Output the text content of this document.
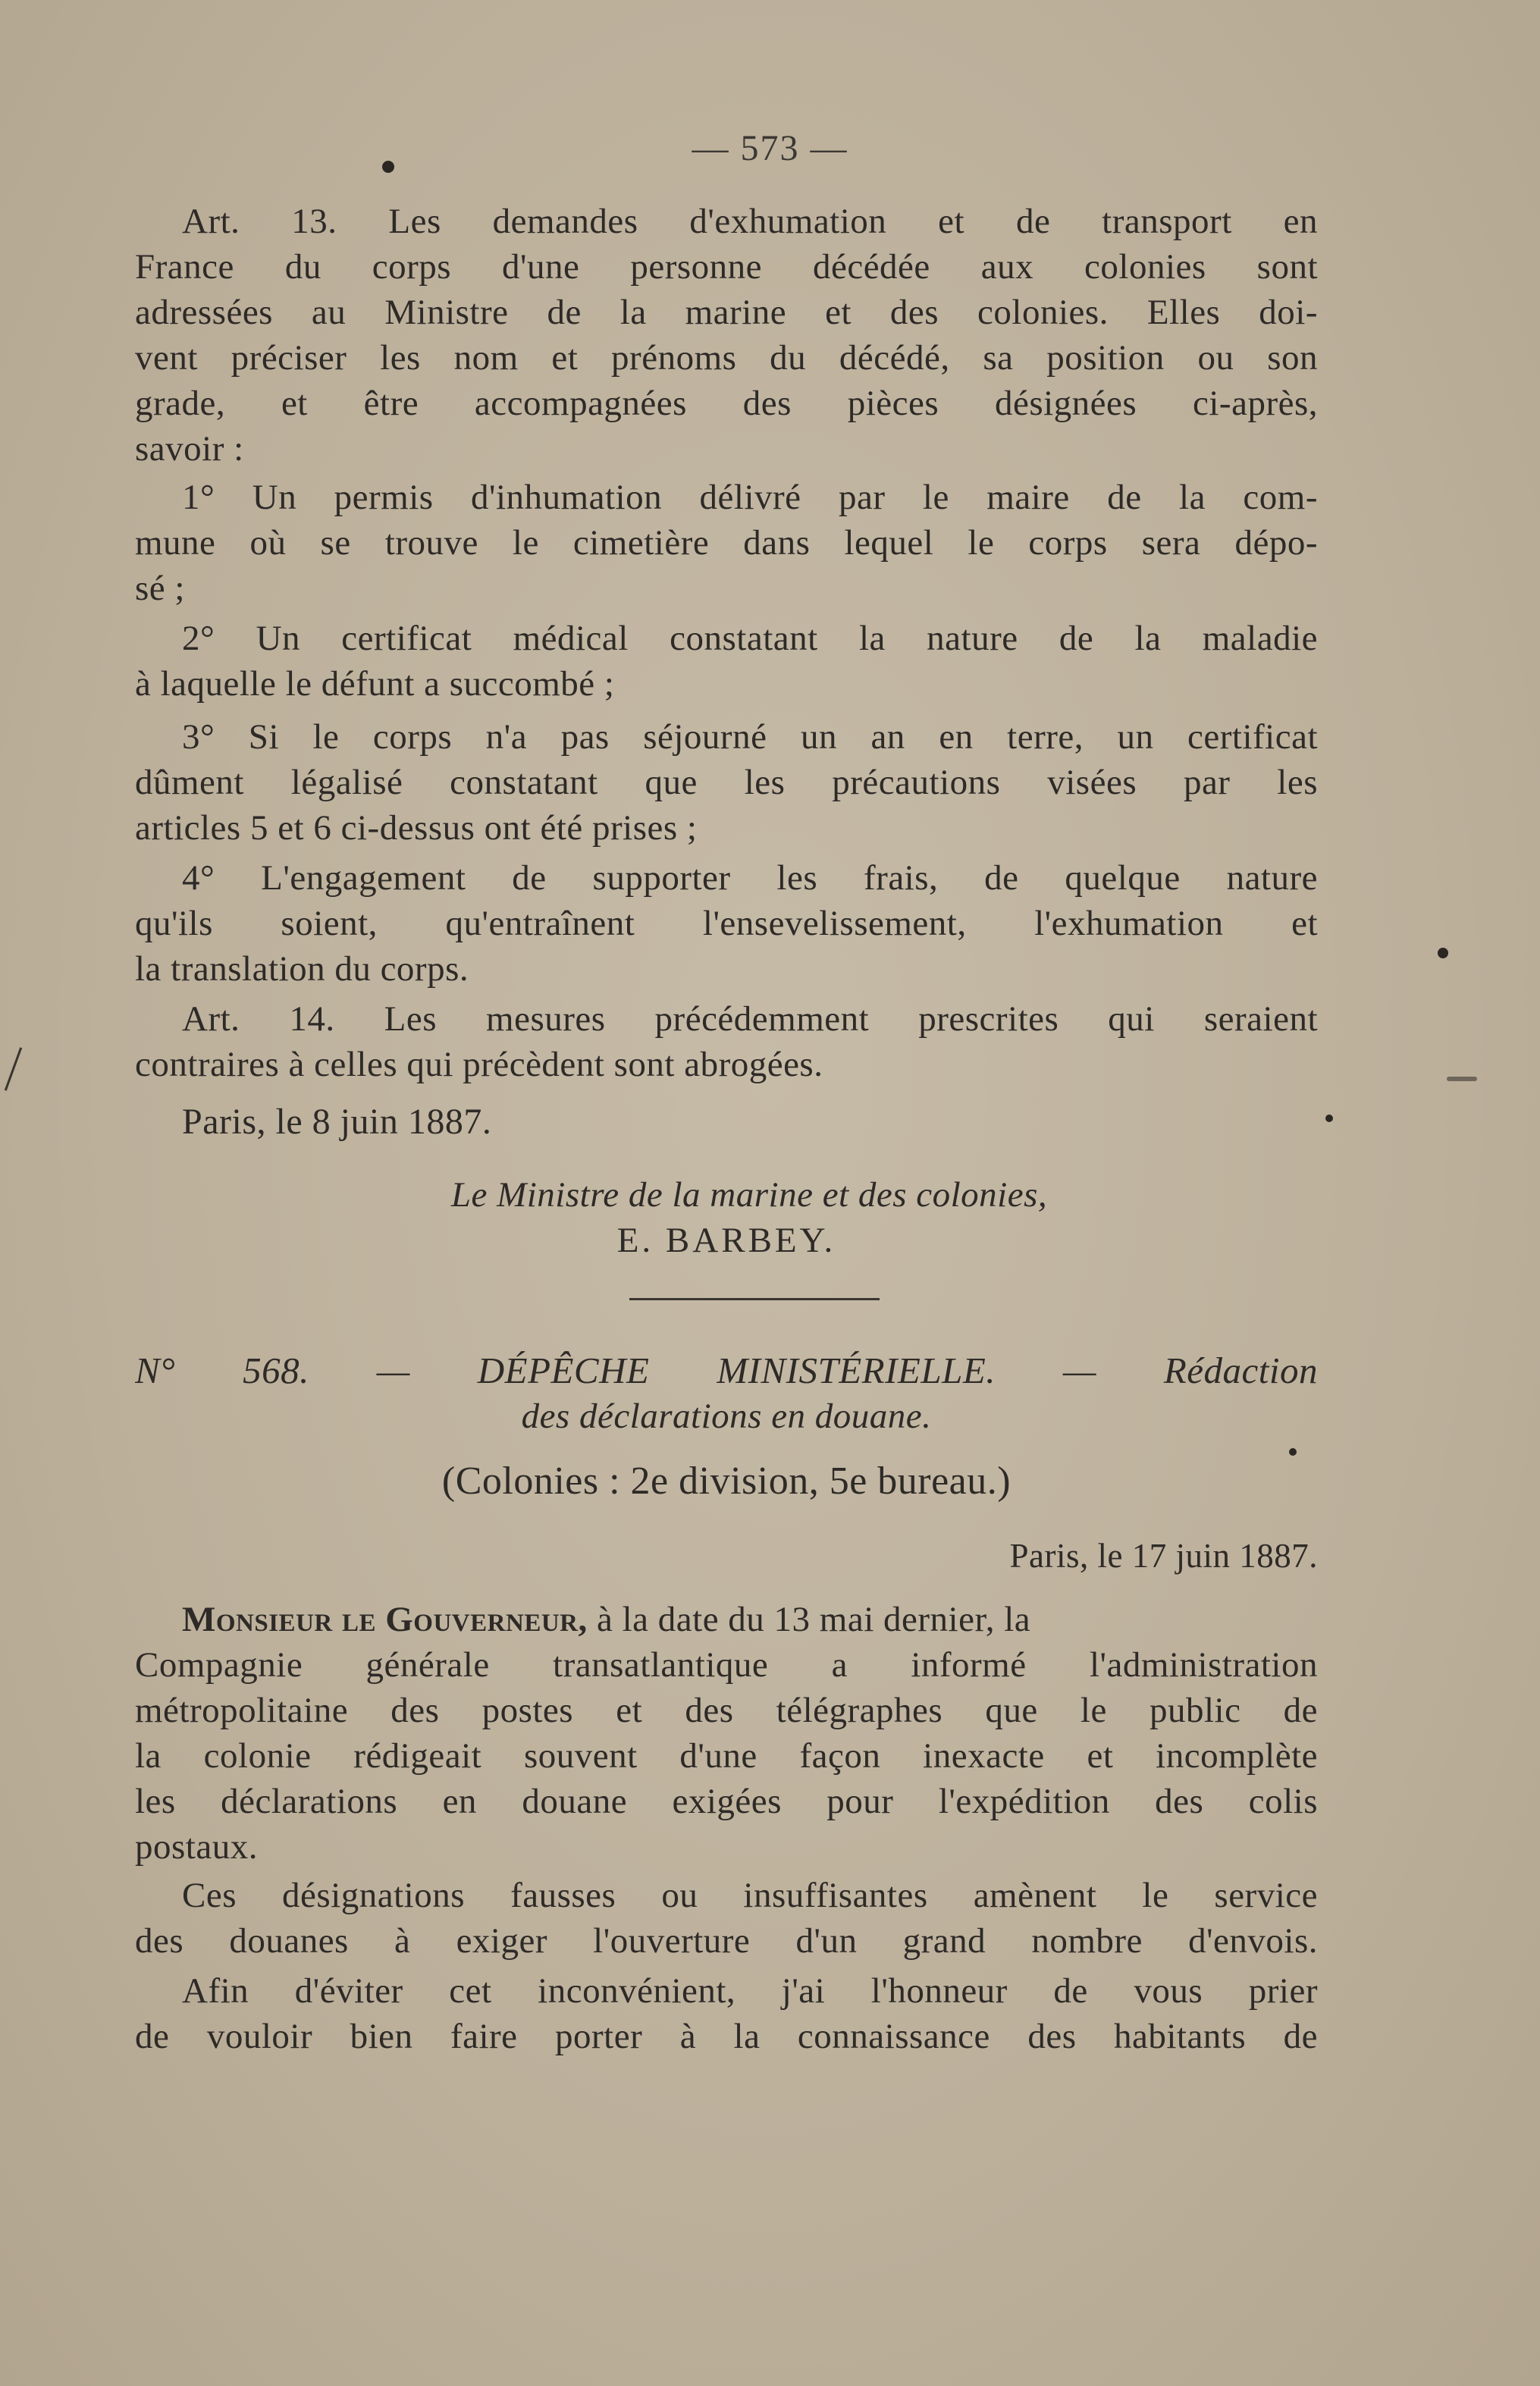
— 573 —
Art. 13. Les demandes d'exhumation et de transport en
France du corps d'une personne décédée aux colonies sont
adressées au Ministre de la marine et des colonies. Elles doi-
vent préciser les nom et prénoms du décédé, sa position ou son
grade, et être accompagnées des pièces désignées ci-après,
savoir :
1° Un permis d'inhumation délivré par le maire de la com-
mune où se trouve le cimetière dans lequel le corps sera dépo-
sé ;
2° Un certificat médical constatant la nature de la maladie
à laquelle le défunt a succombé ;
3° Si le corps n'a pas séjourné un an en terre, un certificat
dûment légalisé constatant que les précautions visées par les
articles 5 et 6 ci-dessus ont été prises ;
4° L'engagement de supporter les frais, de quelque nature
qu'ils soient, qu'entraînent l'ensevelissement, l'exhumation et
la translation du corps.
Art. 14. Les mesures précédemment prescrites qui seraient
contraires à celles qui précèdent sont abrogées.
Paris, le 8 juin 1887.
Le Ministre de la marine et des colonies,
E. BARBEY.
N° 568. — DÉPÊCHE MINISTÉRIELLE. — Rédaction
des déclarations en douane.
(Colonies : 2e division, 5e bureau.)
Paris, le 17 juin 1887.
Monsieur le Gouverneur, à la date du 13 mai dernier, la
Compagnie générale transatlantique a informé l'administration
métropolitaine des postes et des télégraphes que le public de
la colonie rédigeait souvent d'une façon inexacte et incomplète
les déclarations en douane exigées pour l'expédition des colis
postaux.
Ces désignations fausses ou insuffisantes amènent le service
des douanes à exiger l'ouverture d'un grand nombre d'envois.
Afin d'éviter cet inconvénient, j'ai l'honneur de vous prier
de vouloir bien faire porter à la connaissance des habitants de
